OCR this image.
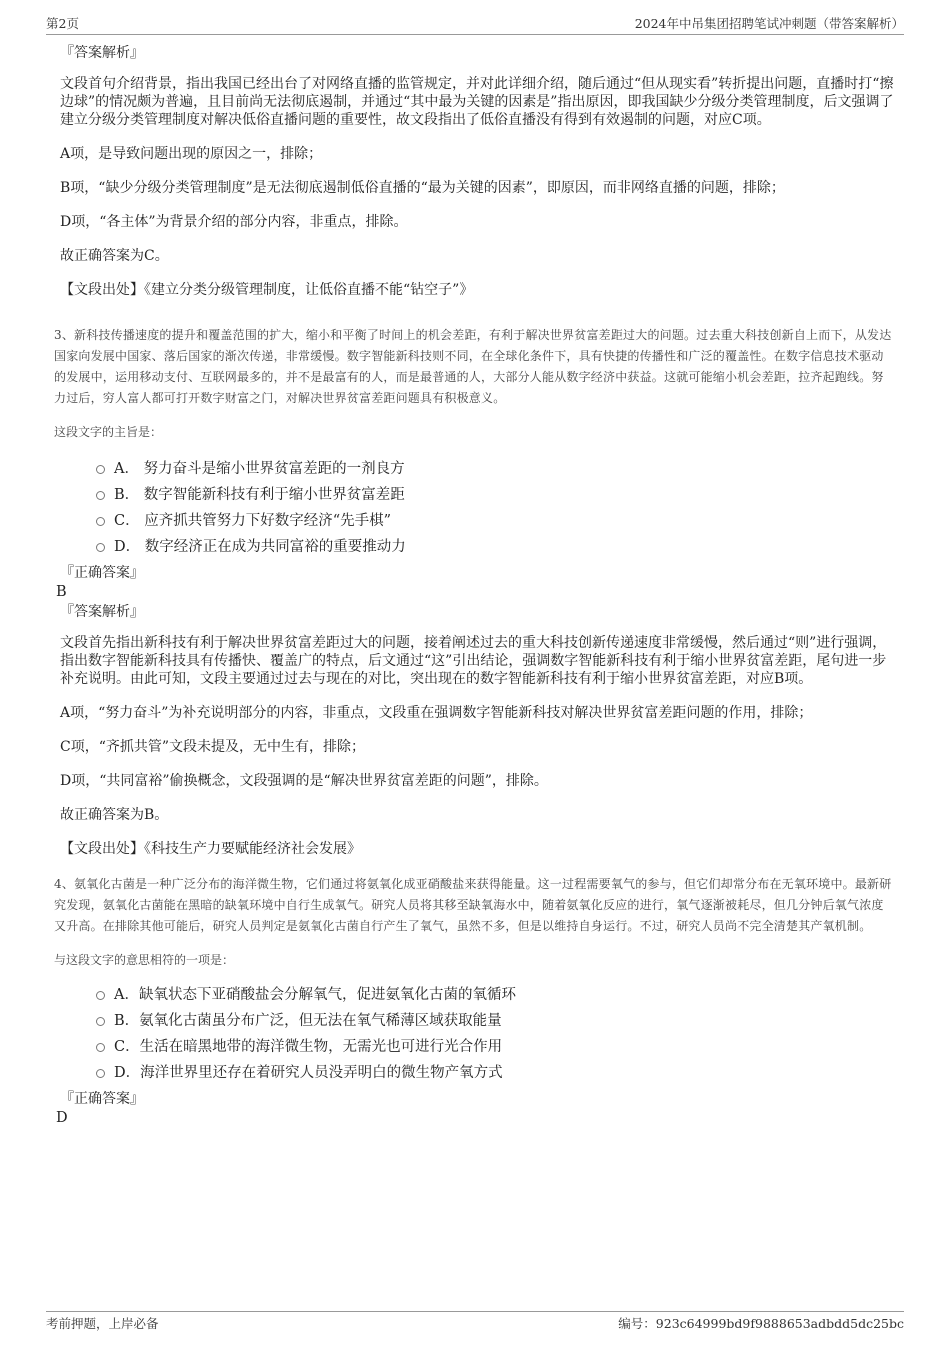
第2页	2024年中吊集团招聘笔试冲刺题（带答案解析）

『答案解析』

文段首句介绍背景，指出我国已经出台了对网络直播的监管规定，并对此详细介绍，随后通过“但从现实看”转折提出问题，直播时打“擦边球”的情况颇为普遍，且目前尚无法彻底遏制，并通过“其中最为关键的因素是”指出原因，即我国缺少分级分类管理制度，后文强调了建立分级分类管理制度对解决低俗直播问题的重要性，故文段指出了低俗直播没有得到有效遏制的问题，对应C项。

A项，是导致问题出现的原因之一，排除；

B项，“缺少分级分类管理制度”是无法彻底遏制低俗直播的“最为关键的因素”，即原因，而非网络直播的问题，排除；

D项，“各主体”为背景介绍的部分内容，非重点，排除。

故正确答案为C。

【文段出处】《建立分类分级管理制度，让低俗直播不能“钻空子”》

3、新科技传播速度的提升和覆盖范围的扩大，缩小和平衡了时间上的机会差距，有利于解决世界贫富差距过大的问题。过去重大科技创新自上而下，从发达国家向发展中国家、落后国家的渐次传递，非常缓慢。数字智能新科技则不同，在全球化条件下，具有快捷的传播性和广泛的覆盖性。在数字信息技术驱动的发展中，运用移动支付、互联网最多的，并不是最富有的人，而是最普通的人，大部分人能从数字经济中获益。这就可能缩小机会差距，拉齐起跑线。努力过后，穷人富人都可打开数字财富之门，对解决世界贫富差距问题具有积极意义。

这段文字的主旨是：

A． 努力奋斗是缩小世界贫富差距的一剂良方
B． 数字智能新科技有利于缩小世界贫富差距
C． 应齐抓共管努力下好数字经济“先手棋”
D． 数字经济正在成为共同富裕的重要推动力

『正确答案』

B

『答案解析』

文段首先指出新科技有利于解决世界贫富差距过大的问题，接着阐述过去的重大科技创新传递速度非常缓慢，然后通过“则”进行强调，指出数字智能新科技具有传播快、覆盖广的特点，后文通过“这”引出结论，强调数字智能新科技有利于缩小世界贫富差距，尾句进一步补充说明。由此可知，文段主要通过过去与现在的对比，突出现在的数字智能新科技有利于缩小世界贫富差距，对应B项。

A项，“努力奋斗”为补充说明部分的内容，非重点，文段重在强调数字智能新科技对解决世界贫富差距问题的作用，排除；

C项，“齐抓共管”文段未提及，无中生有，排除；

D项，“共同富裕”偷换概念，文段强调的是“解决世界贫富差距的问题”，排除。

故正确答案为B。

【文段出处】《科技生产力要赋能经济社会发展》

4、氨氧化古菌是一种广泛分布的海洋微生物，它们通过将氨氧化成亚硝酸盐来获得能量。这一过程需要氧气的参与，但它们却常分布在无氧环境中。最新研究发现，氨氧化古菌能在黑暗的缺氧环境中自行生成氧气。研究人员将其移至缺氧海水中，随着氨氧化反应的进行，氧气逐渐被耗尽，但几分钟后氧气浓度又升高。在排除其他可能后，研究人员判定是氨氧化古菌自行产生了氧气，虽然不多，但是以维持自身运行。不过，研究人员尚不完全清楚其产氧机制。

与这段文字的意思相符的一项是：

A．缺氧状态下亚硝酸盐会分解氧气，促进氨氧化古菌的氧循环
B．氨氧化古菌虽分布广泛，但无法在氧气稀薄区域获取能量
C．生活在暗黑地带的海洋微生物，无需光也可进行光合作用
D．海洋世界里还存在着研究人员没弄明白的微生物产氧方式

『正确答案』

D

考前押题，上岸必备	编号：923c64999bd9f9888653adbdd5dc25bc
